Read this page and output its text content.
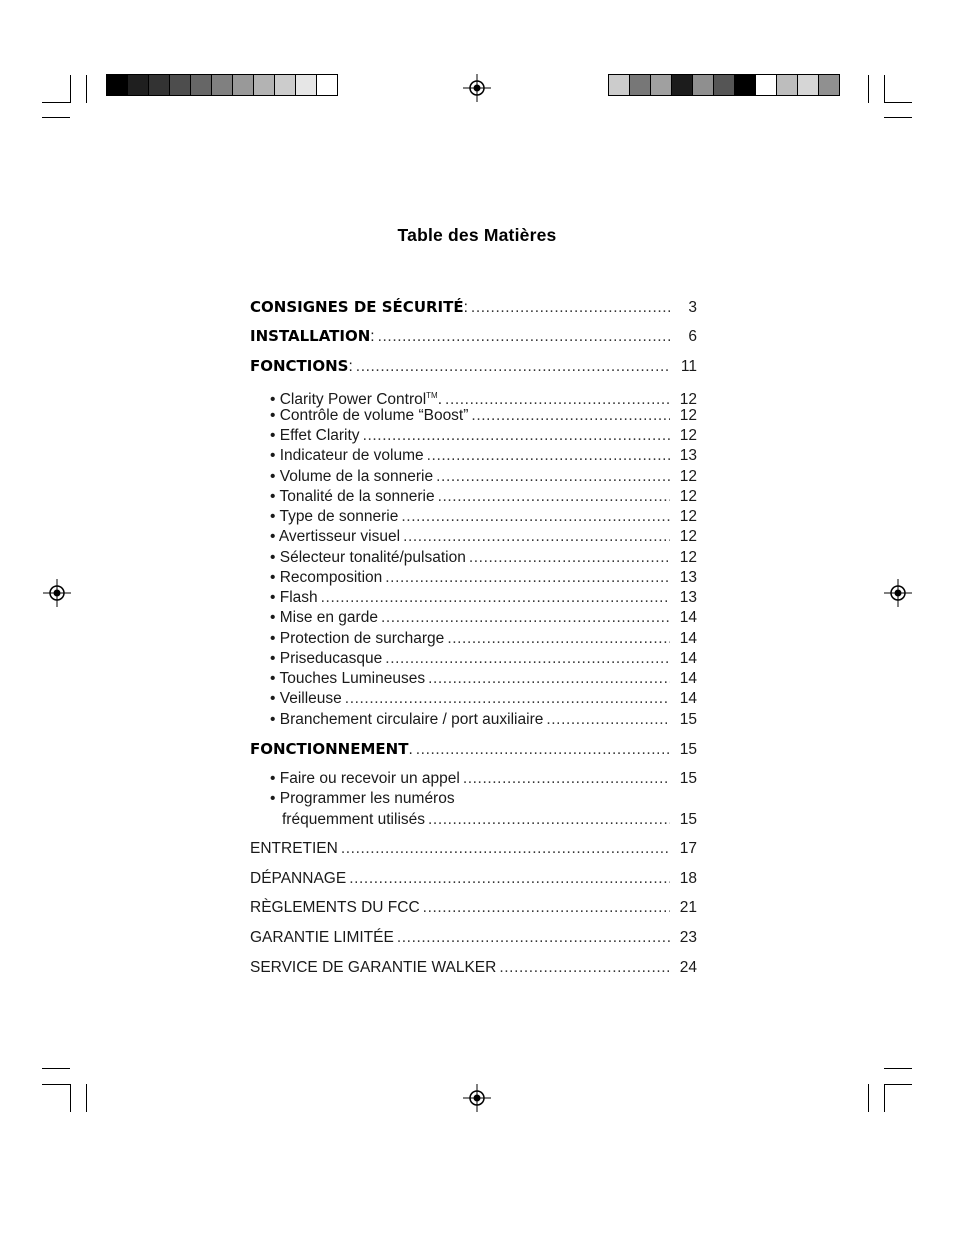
Table des Matières
CONSIGNES DE SÉCURITÉ : .....	3
INSTALLATION : .....	6
FONCTIONS : .....	11
• Clarity Power Control™ . .....	12
• Contrôle de volume “Boost” .....	12
• Effet Clarity .....	12
• Indicateur de volume .....	13
• Volume de la sonnerie .....	12
• Tonalité de la sonnerie .....	12
• Type de sonnerie .....	12
• Avertisseur visuel .....	12
• Sélecteur tonalité/pulsation .....	12
• Recomposition .....	13
• Flash .....	13
• Mise en garde .....	14
• Protection de surcharge .....	14
• Priseducasque .....	14
• Touches Lumineuses .....	14
• Veilleuse .....	14
• Branchement circulaire / port auxiliaire .....	15
FONCTIONNEMENT . .....	15
• Faire ou recevoir un appel .....	15
• Programmer les numéros
fréquemment utilisés .....	15
ENTRETIEN .....	17
DÉPANNAGE .....	18
RÈGLEMENTS DU FCC .....	21
GARANTIE LIMITÉE .....	23
SERVICE DE GARANTIE WALKER .....	24
